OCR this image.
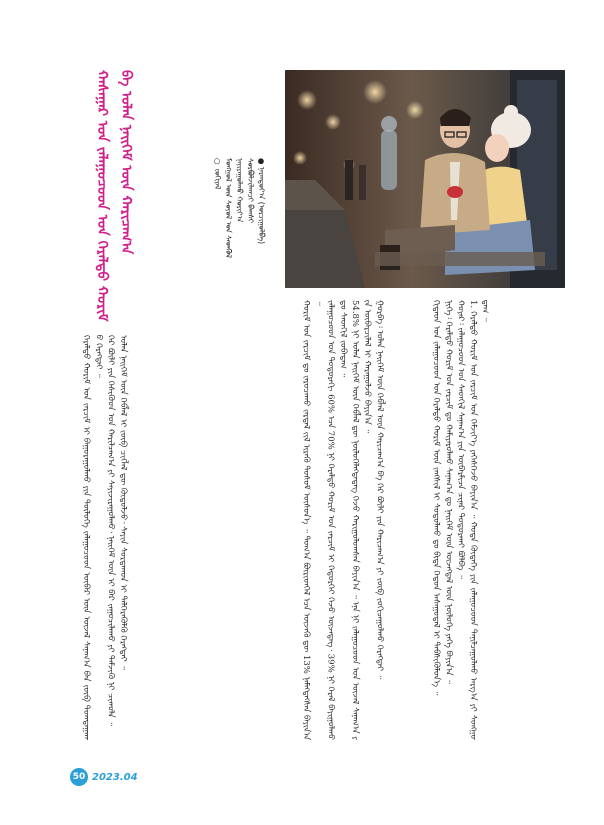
ᠬᠠᠰᠠᠭᠠᠷ ᠤᠨ ᠵᠠᠯᠠᠭᠤᠴᠤᠳ ᠤᠨ ᠭᠡᠷᠡᠯᠲᠦ ᠬᠤᠷᠢᠮ ᠪᠠ ᠣᠯᠠᠨ ᠨᠡᠢᠭᠡᠮ ᠦᠨ ᠬᠠᠷᠢᠴᠠᠭ᠎ᠠ	○ᠵᠣᠬᠢᠶᠠᠯ ᠮᠣᠩᠭᠣᠯ ᠦᠨ ᠰᠣᠶᠣᠯ ᠤᠨ ᠰᠡᠳᠭᠦᠯ ᠨᠠᠶᠢᠷᠠᠭᠤᠯᠬᠤ ᠬᠣᠷᠢᠶ᠎ᠠ ᠰᠤᠷᠪᠤᠯᠵᠢᠯᠠᠭᠴᠢ ᠪᠠᠭᠰᠢ ● ᠨᠠᠷᠠᠨᠲᠤᠶ᠎ᠠ (ᠣᠷᠴᠢᠭᠤᠯᠪᠠ)

ᠬᠢᠲᠠᠳ ᠤᠨ ᠵᠠᠯᠠᠭᠤᠴᠤᠳ ᠤᠨ ᠭᠡᠷᠡᠯᠲᠦ ᠬᠤᠷᠢᠮ ᠦᠨ ᠵᠠᠩᠱᠢᠯ ᠢ ᠰᠤᠳᠤᠯᠬᠤ ᠳᠤ ᠪᠢᠳᠡ ᠬᠡᠳᠦᠨ ᠠᠰᠠᠭᠤᠳᠠᠯ ᠢ ᠳᠡᠪᠰᠢᠭᠦᠯᠦᠨ᠎ᠡ ᠃ ᠨᠢᠭᠡ᠄ ᠭᠡᠷᠡᠯᠲᠦ ᠬᠤᠷᠢᠮ ᠤᠨ ᠵᠠᠷᠴᠢᠮ ᠳᠤ ᠬᠠᠮᠢᠶᠠᠷᠤᠯᠬᠤ ᠰᠠᠨᠠᠭ᠎ᠠ ᠳᠤ ᠨᠡᠢᠭᠡᠮ ᠦᠨ ᠦᠵᠡᠭᠳᠡᠯ ᠦᠨ ᠨᠦᠯᠦᠭᠡ ᠶᠡᠬᠡ ᠪᠠᠶᠢᠨ᠎ᠠ ᠃ ᠬᠣᠶᠠᠷ᠄ ᠵᠠᠯᠠᠭᠤᠴᠤᠳ ᠤᠨ ᠰᠡᠳᠭᠢᠯ ᠰᠠᠨᠠᠭ᠎ᠠ ᠶᠢᠨ ᠥᠪᠡᠷᠮᠢᠴᠡ ᠴᠢᠨᠠᠷ ᠲᠣᠳᠣᠷᠬᠠᠶ ᠪᠣᠯᠪᠠ ᠃ 1. ᠭᠡᠷᠡᠯᠲᠦ ᠬᠤᠷᠢᠮ ᠤᠨ ᠵᠠᠷᠴᠢᠮ ᠤᠨ ᠬᠡᠮᠵᠢᠶ᠎ᠡ ᠶᠡᠬᠡᠰᠬᠡᠵᠦ ᠪᠠᠶᠢᠨ᠎ᠠ ᠃ ᠬᠣᠲᠠ ᠬᠦᠳᠡᠭᠡ ᠶᠢᠨ ᠵᠠᠯᠠᠭᠤᠴᠤᠳ ᠲᠠᠨᠢᠯᠴᠠᠭᠤᠯᠬᠤ ᠠᠷᠭ᠎ᠠ ᠶᠢ ᠰᠣᠩᠭᠣᠳᠠᠭ ᠃

ᠬᠤᠷᠢᠮ ᠤᠨ ᠵᠠᠷᠴᠢᠮ ᠳᠤ ᠵᠠᠷᠤᠴᠠᠬᠤ ᠵᠠᠷᠳᠠᠯ ᠵᠢᠯ ᠢᠷᠡᠬᠦ ᠲᠤᠰᠤᠮ ᠥᠰᠦᠨ᠎ᠡ ᠃ ᠲᠣᠭ᠎ᠠ ᠪᠦᠷᠢᠳᠭᠡᠯ ᠡᠴᠡ ᠦᠵᠡᠬᠦ ᠳᠦ 13% ᠨᠡᠮᠡᠭᠳᠡᠭᠰᠡᠨ ᠪᠠᠶᠢᠨ᠎ᠠ ᠃ ᠵᠠᠯᠠᠭᠤᠴᠤᠳ ᠤᠨ ᠳᠣᠲᠣᠷᠠᠬᠢ 60% ᠡᠴᠡ 70% ᠨᠢ ᠭᠡᠷᠡᠯᠲᠦ ᠬᠤᠷᠢᠮ ᠤᠨ ᠵᠠᠷᠴᠢᠮ ᠢ ᠬᠡᠲᠦᠷᠬᠡᠢ ᠭᠡᠵᠦ ᠦᠵᠡᠳᠡᠭ᠂ 39% ᠨᠢ ᠭᠡᠷᠡᠯ ᠪᠠᠶᠢᠭᠤᠯᠬᠤ ᠳᠤ ᠰᠡᠳᠬᠢᠯ ᠵᠣᠪᠠᠳᠠᠭ ᠃ 54.8% ᠨᠢ ᠣᠯᠠᠨ ᠨᠡᠢᠭᠡᠮ ᠦᠨ ᠬᠡᠪᠯᠡᠯ ᠳᠦ ᠨᠥᠯᠦᠭᠡᠯᠡᠭᠳᠡᠳᠡᠭ ᠭᠡᠵᠦ ᠬᠠᠷᠢᠭᠤᠯᠤᠭᠰᠠᠨ ᠪᠠᠶᠢᠨ᠎ᠠ ᠃ ᠡᠨᠡ ᠨᠢ ᠵᠠᠯᠠᠭᠤᠴᠤᠳ ᠤᠨ ᠦᠵᠡᠯ ᠰᠠᠨᠠᠭ᠎ᠠ ᠶᠢᠨ ᠥᠪᠡᠷᠴᠢᠯᠡᠯ ᠢ ᠬᠠᠷᠠᠭᠤᠯᠵᠤ ᠪᠠᠶᠢᠨ᠎ᠠ ᠃ ᠭᠤᠷᠪᠠ᠄ ᠣᠯᠠᠨ ᠨᠡᠢᠭᠡᠮ ᠦᠨ ᠬᠡᠪᠯᠡᠯ ᠦᠨ ᠬᠠᠷᠢᠴᠠᠭ᠎ᠠ ᠪᠠ ᠭᠡᠷ ᠪᠦᠯᠢ ᠶᠢᠨ ᠬᠠᠷᠢᠴᠠᠭ᠎ᠠ ᠶᠢ ᠵᠥᠪ ᠵᠣᠬᠢᠴᠠᠭᠤᠯᠬᠤ ᠬᠡᠷᠡᠭᠲᠡᠢ ᠃

ᠭᠡᠷᠡᠯᠲᠦ ᠬᠤᠷᠢᠮ ᠤᠨ ᠵᠠᠷᠴᠢᠮ ᠢ ᠪᠠᠭᠤᠷᠠᠭᠤᠯᠬᠤ ᠶᠢᠨ ᠲᠥᠯᠥᠭᠡ ᠵᠠᠯᠠᠭᠤᠴᠤᠳ ᠥᠪᠡᠷ ᠦᠨ ᠦᠵᠡᠯ ᠰᠠᠨᠠᠭ᠎ᠠ ᠪᠠᠨ ᠵᠥᠪ ᠲᠣᠭᠲᠠᠭᠠᠬᠤ ᠬᠡᠷᠡᠭᠲᠡᠢ ᠃ ᠭᠡᠷ ᠪᠦᠯᠢ ᠶᠢᠨ ᠭᠡᠰᠢᠭᠦᠳ ᠤᠨ ᠬᠠᠷᠢᠯᠴᠠᠭ᠎ᠠ ᠶᠢ ᠰᠠᠶᠢᠵᠢᠷᠠᠭᠤᠯᠬᠤ᠂ ᠨᠡᠢᠭᠡᠮ ᠦᠨ ᠡᠶ ᠪᠠᠷ ᠵᠠᠭᠤᠴᠢᠯᠠᠬᠤ ᠶᠢ ᠳᠡᠮᠵᠢᠬᠦ ᠨᠢ ᠴᠢᠬᠤᠯᠠ ᠃ ᠣᠯᠠᠨ ᠨᠡᠢᠭᠡᠮ ᠦᠨ ᠬᠡᠪᠯᠡᠯ ᠢ ᠵᠥᠪ ᠴᠢᠭᠯᠡᠯ ᠳᠦ ᠬᠥᠲᠦᠯᠵᠦ᠂ ᠰᠠᠶᠢᠨ ᠰᠤᠷᠲᠠᠬᠤᠨ ᠢ ᠳᠡᠯᠭᠡᠷᠡᠭᠦᠯᠬᠦ ᠬᠡᠷᠡᠭᠲᠡᠢ ᠃

50 2023.04
